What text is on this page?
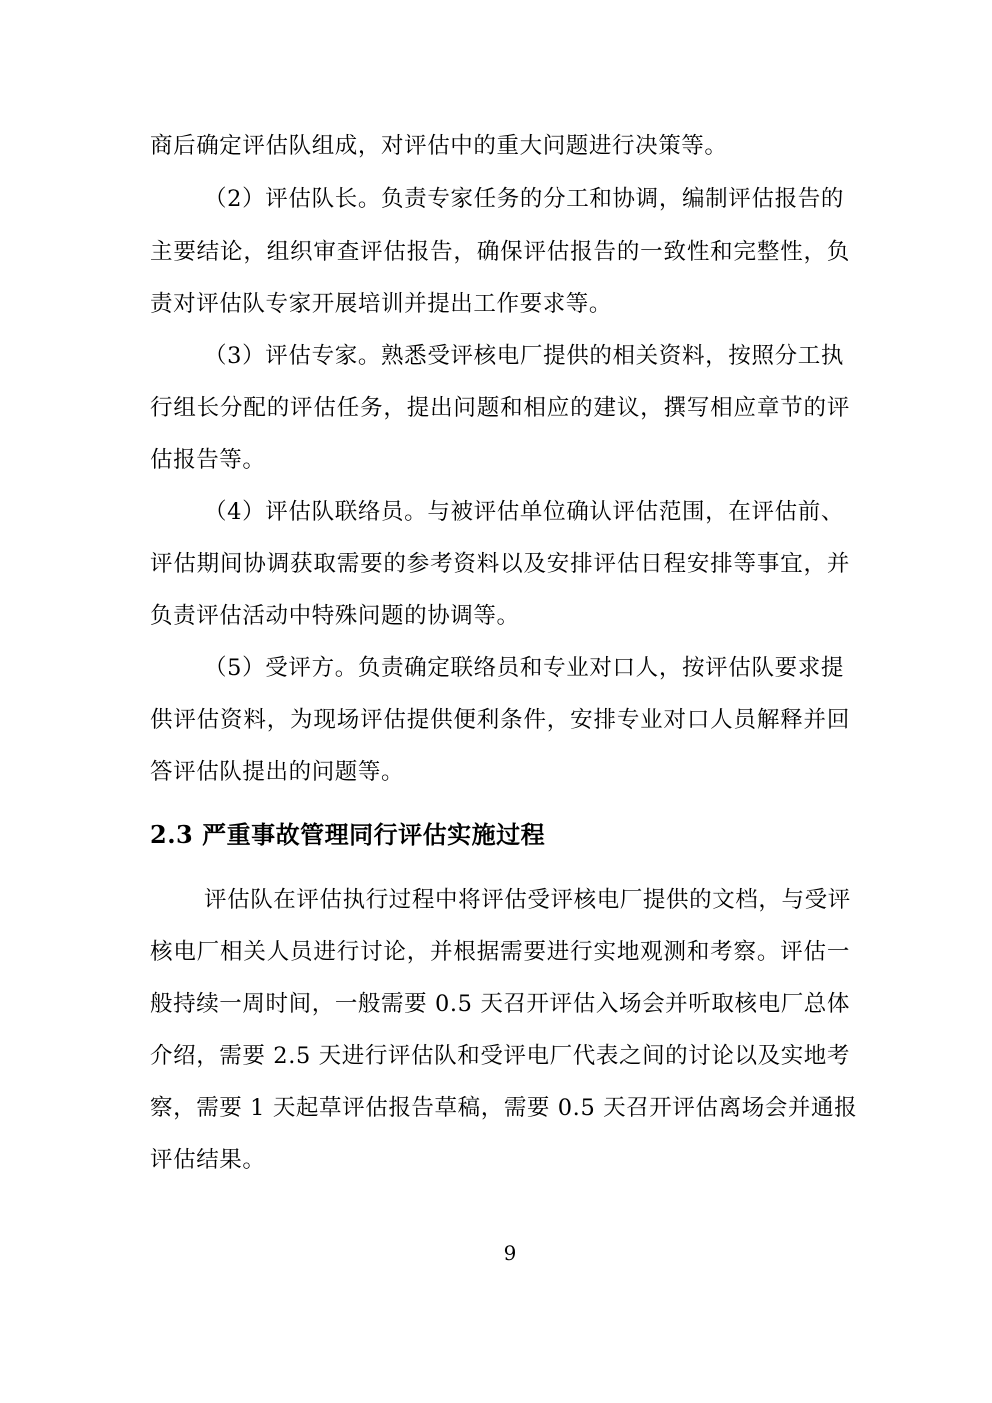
商后确定评估队组成，对评估中的重大问题进行决策等。
（2）评估队长。负责专家任务的分工和协调，编制评估报告的
主要结论，组织审查评估报告，确保评估报告的一致性和完整性，负
责对评估队专家开展培训并提出工作要求等。
（3）评估专家。熟悉受评核电厂提供的相关资料，按照分工执
行组长分配的评估任务，提出问题和相应的建议，撰写相应章节的评
估报告等。
（4）评估队联络员。与被评估单位确认评估范围，在评估前、
评估期间协调获取需要的参考资料以及安排评估日程安排等事宜，并
负责评估活动中特殊问题的协调等。
（5）受评方。负责确定联络员和专业对口人，按评估队要求提
供评估资料，为现场评估提供便利条件，安排专业对口人员解释并回
答评估队提出的问题等。
2.3 严重事故管理同行评估实施过程
评估队在评估执行过程中将评估受评核电厂提供的文档，与受评
核电厂相关人员进行讨论，并根据需要进行实地观测和考察。评估一
般持续一周时间，一般需要 0.5 天召开评估入场会并听取核电厂总体
介绍，需要 2.5 天进行评估队和受评电厂代表之间的讨论以及实地考
察，需要 1 天起草评估报告草稿，需要 0.5 天召开评估离场会并通报
评估结果。
9
